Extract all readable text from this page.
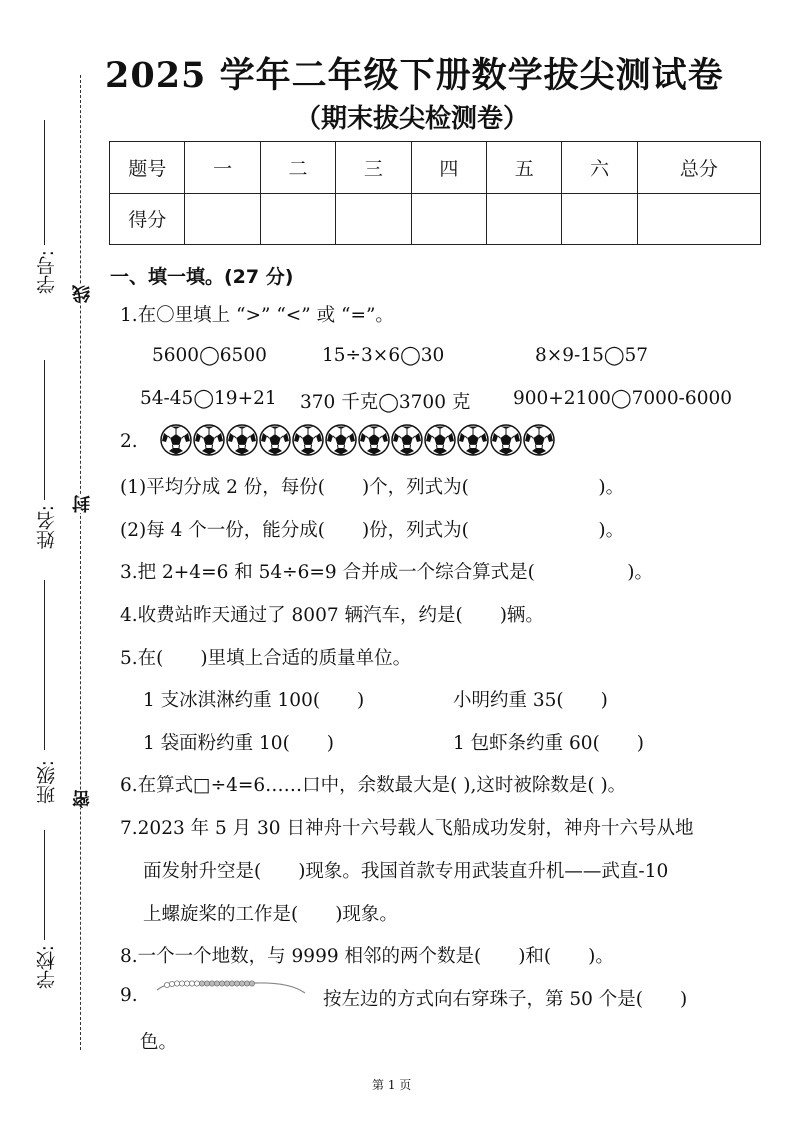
学号:
姓名:
班级:
学校:
线
封
密
2025 学年二年级下册数学拔尖测试卷
（期末拔尖检测卷）
题号	一	二	三	四	五	六	总分
得分							
一、填一填。(27 分)
1.在〇里填上 “>” “<” 或 “=”。
5600◯6500	15÷3×6◯30	8×9-15◯57
54-45◯19+21 370 千克◯3700 克 900+2100◯7000-6000
2.
(1)平均分成 2 份，每份(　　)个，列式为(　　　　　　　)。
(2)每 4 个一份，能分成(　　)份，列式为(　　　　　　　)。
3.把 2+4=6 和 54÷6=9 合并成一个综合算式是(　　　　　)。
4.收费站昨天通过了 8007 辆汽车，约是(　　)辆。
5.在(　　)里填上合适的质量单位。
1 支冰淇淋约重 100(　　)	小明约重 35(　　)
1 袋面粉约重 10(　　)	1 包虾条约重 60(　　)
6.在算式□÷4=6……口中，余数最大是( ),这时被除数是( )。
7.2023 年 5 月 30 日神舟十六号载人飞船成功发射，神舟十六号从地
面发射升空是(　　)现象。我国首款专用武装直升机——武直-10
上螺旋桨的工作是(　　)现象。
8.一个一个地数，与 9999 相邻的两个数是(　　)和(　　)。
9.	按左边的方式向右穿珠子，第 50 个是(　　)
色。
第 1 页
